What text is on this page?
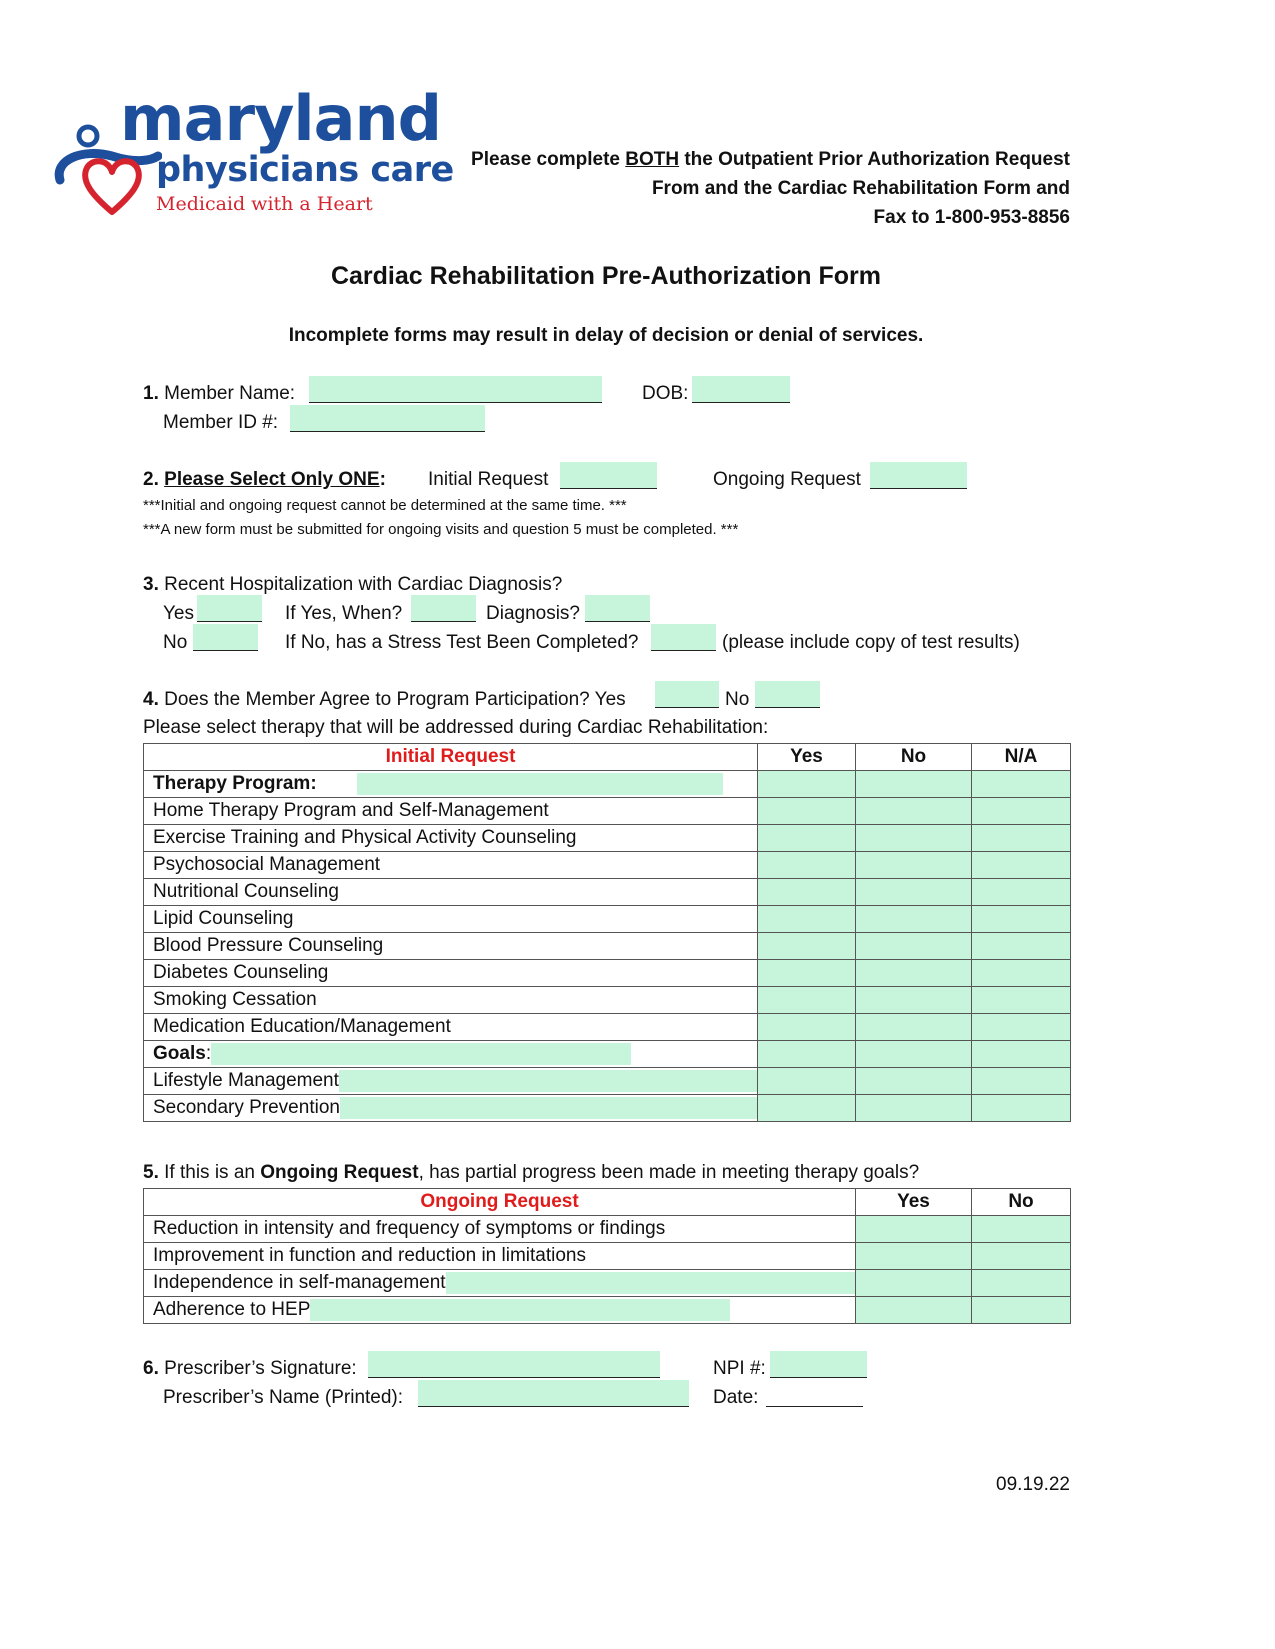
maryland
physicians care
Medicaid with a Heart
Please complete BOTH the Outpatient Prior Authorization Request
From and the Cardiac Rehabilitation Form and
Fax to 1-800-953-8856
Cardiac Rehabilitation Pre-Authorization Form
Incomplete forms may result in delay of decision or denial of services.
1. Member Name:	DOB:
Member ID #:
2. Please Select Only ONE: Initial Request	Ongoing Request
***Initial and ongoing request cannot be determined at the same time. ***
***A new form must be submitted for ongoing visits and question 5 must be completed. ***
3. Recent Hospitalization with Cardiac Diagnosis?
Yes	If Yes, When?	Diagnosis?
No	If No, has a Stress Test Been Completed?	(please include copy of test results)
4. Does the Member Agree to Program Participation? Yes	No
Please select therapy that will be addressed during Cardiac Rehabilitation:
Initial Request	Yes	No	N/A
Therapy Program:			
Home Therapy Program and Self-Management			
Exercise Training and Physical Activity Counseling			
Psychosocial Management			
Nutritional Counseling			
Lipid Counseling			
Blood Pressure Counseling			
Diabetes Counseling			
Smoking Cessation			
Medication Education/Management			
Goals:			
Lifestyle Management			
Secondary Prevention			
5. If this is an Ongoing Request, has partial progress been made in meeting therapy goals?
Ongoing Request	Yes	No
Reduction in intensity and frequency of symptoms or findings		
Improvement in function and reduction in limitations		
Independence in self-management		
Adherence to HEP		
6. Prescriber’s Signature:	NPI #:
Prescriber’s Name (Printed):	Date:
09.19.22
